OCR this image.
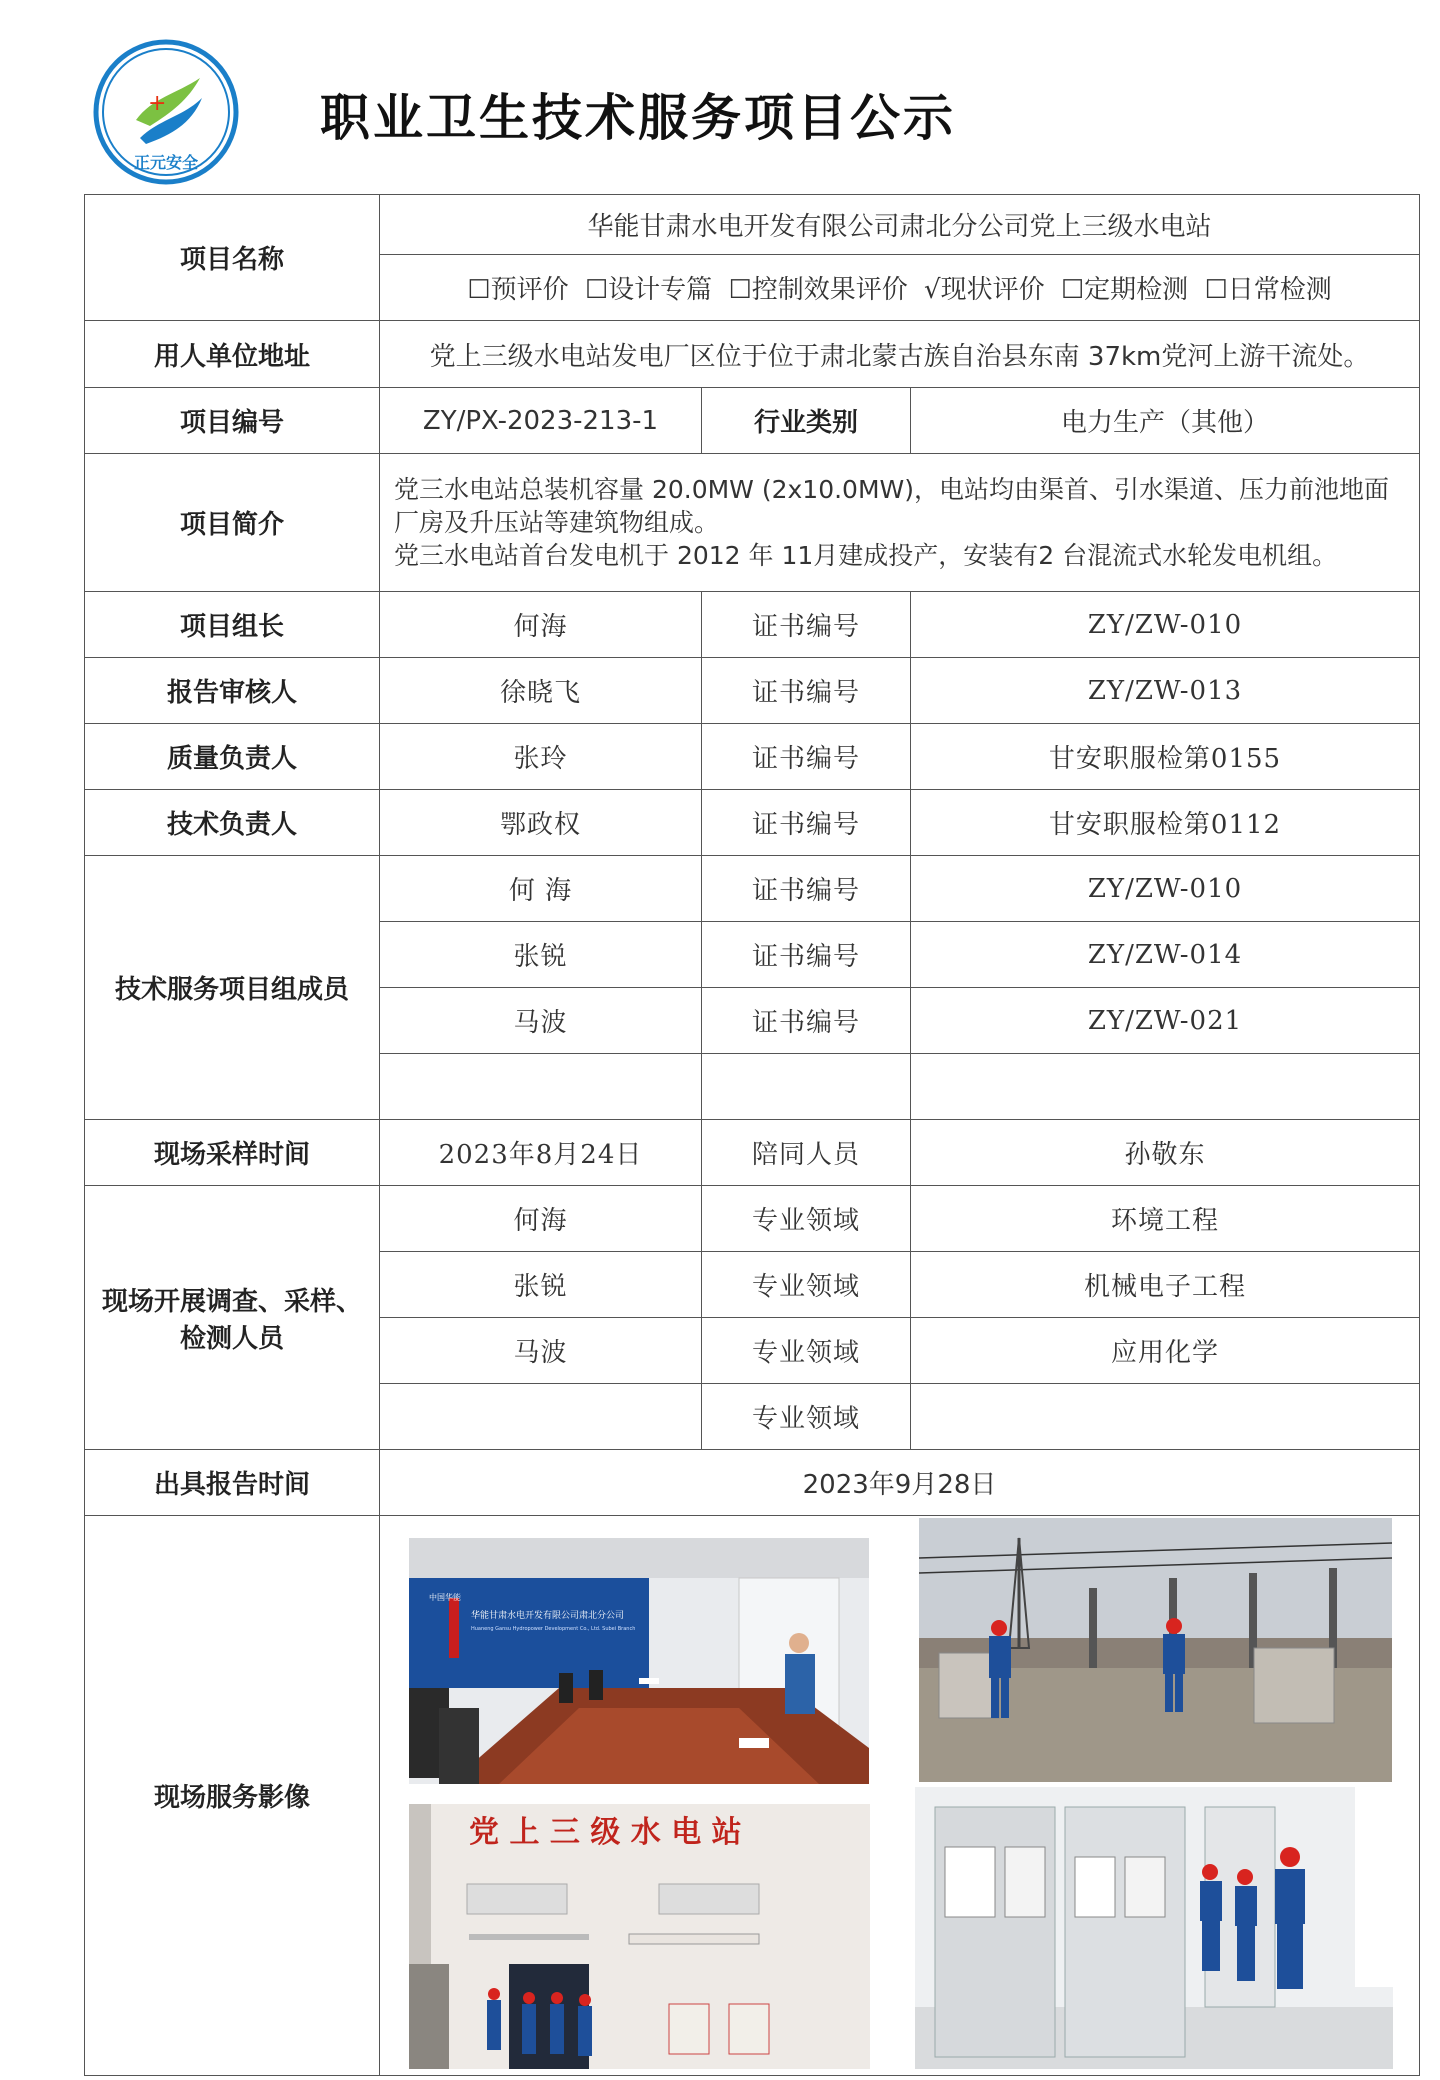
+
正元安全
职业卫生技术服务项目公示
项目名称	华能甘肃水电开发有限公司肃北分公司党上三级水电站		
	☐预评价 ☐设计专篇 ☐控制效果评价 √现状评价 ☐定期检测 ☐日常检测		
用人单位地址	党上三级水电站发电厂区位于位于肃北蒙古族自治县东南 37km党河上游干流处。		
项目编号	ZY/PX-2023-213-1	行业类别	电力生产（其他）
项目简介	党三水电站总装机容量 20.0MW (2x10.0MW)，电站均由渠首、引水渠道、压力前池地面厂房及升压站等建筑物组成。

党三水电站首台发电机于 2012 年 11月建成投产，安装有2 台混流式水轮发电机组。		

项目组长	何海	证书编号	ZY/ZW-010
报告审核人	徐晓飞	证书编号	ZY/ZW-013
质量负责人	张玲	证书编号	甘安职服检第0155
技术负责人	鄂政权	证书编号	甘安职服检第0112
技术服务项目组成员	何 海	证书编号	ZY/ZW-010
	张锐	证书编号	ZY/ZW-014
	马波	证书编号	ZY/ZW-021

现场采样时间	2023年8月24日	陪同人员	孙敬东

现场开展调查、采样、
检测人员	何海	专业领域	环境工程
	张锐	专业领域	机械电子工程
	马波	专业领域	应用化学
		专业领域	
出具报告时间	2023年9月28日		
现场服务影像	中国华能
华能甘肃水电开发有限公司肃北分公司
Huaneng Gansu Hydropower Development Co., Ltd. Subei Branch
党 上 三 级 水 电 站		
